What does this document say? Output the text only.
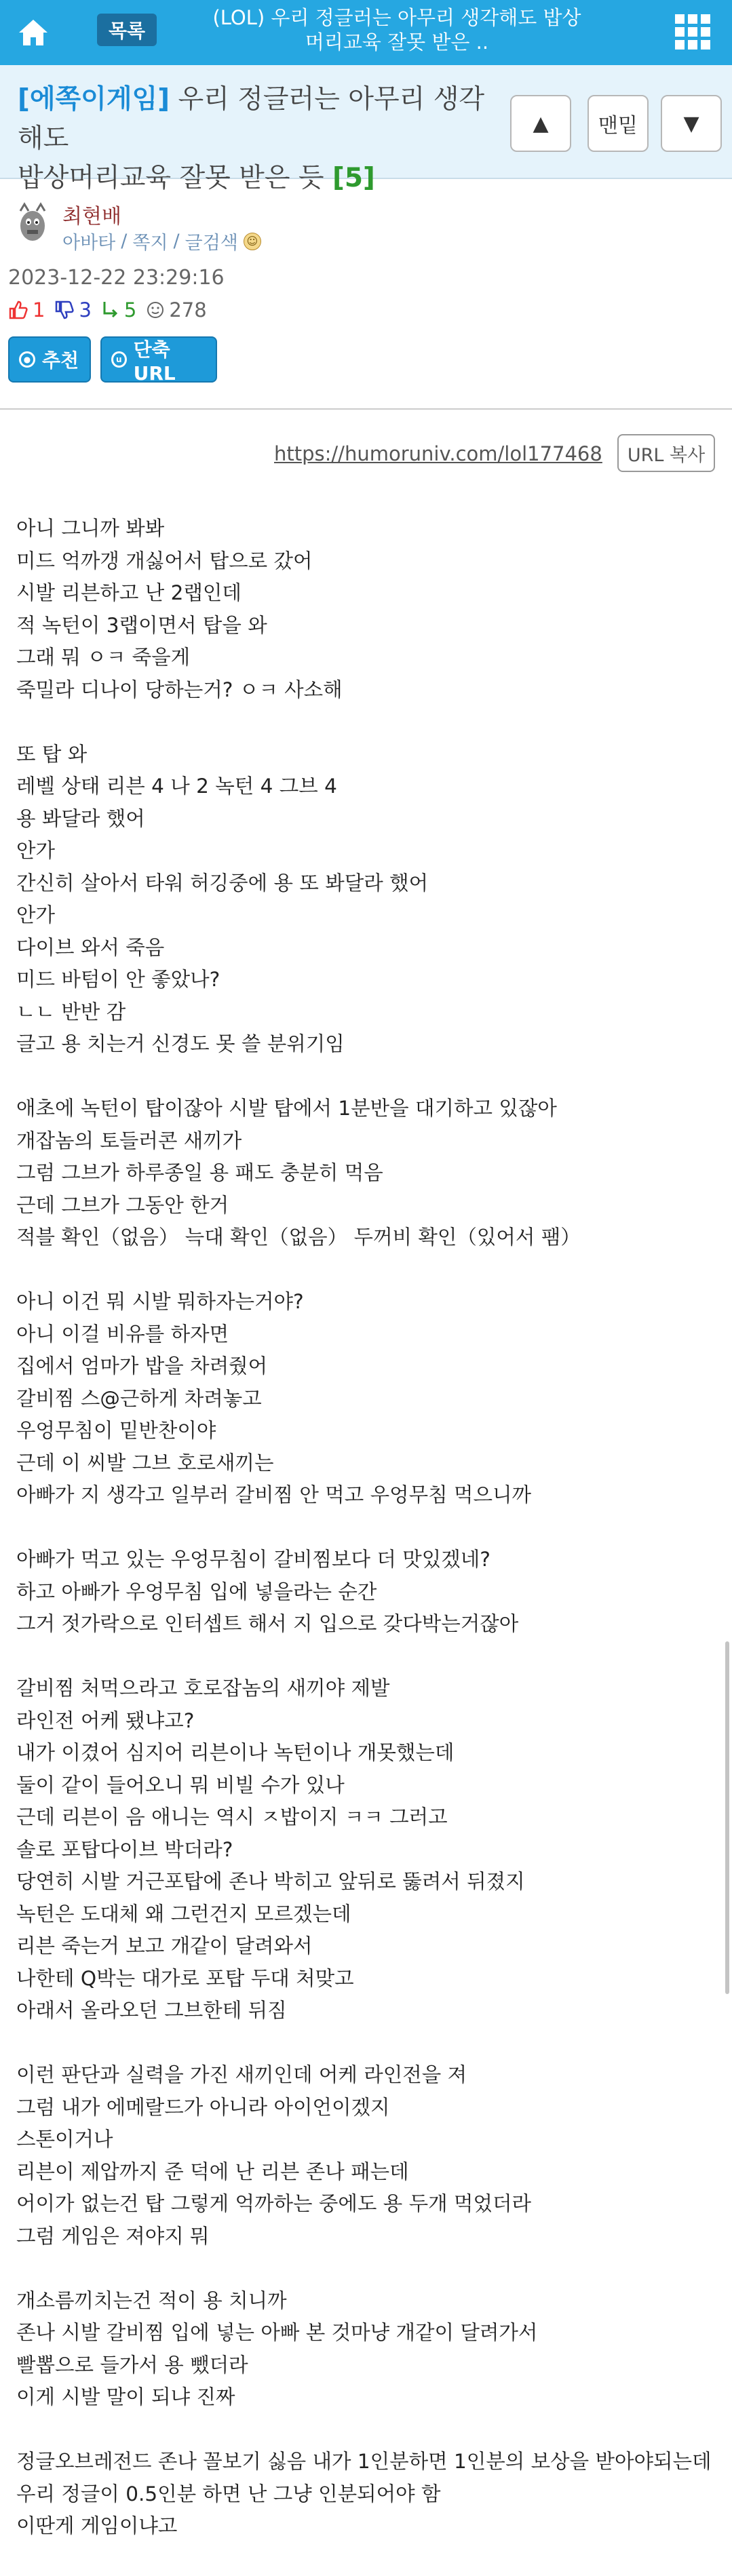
목록
(LOL) 우리 정글러는 아무리 생각해도 밥상
머리교육 잘못 받은 ..
[에쪽이게임] 우리 정글러는 아무리 생각해도
밥상머리교육 잘못 받은 듯 [5]
▲	맨밑	▼
최현배
아바타 / 쪽지 / 글검색 ☺
2023-12-22 23:29:16
1 3 5 278
● 추천	u 단축URL
https://humoruniv.com/lol177468	URL 복사
아니 그니까 봐봐
미드 억까갱 개싫어서 탑으로 갔어
시발 리븐하고 난 2랩인데
적 녹턴이 3랩이면서 탑을 와
그래 뭐 ㅇㅋ 죽을게
죽밀라 디나이 당하는거? ㅇㅋ 사소해
또 탑 와
레벨 상태 리븐 4 나 2 녹턴 4 그브 4
용 봐달라 했어
안가
간신히 살아서 타워 허깅중에 용 또 봐달라 했어
안가
다이브 와서 죽음
미드 바텀이 안 좋았나?
ㄴㄴ 반반 감
글고 용 치는거 신경도 못 쓸 분위기임
애초에 녹턴이 탑이잖아 시발 탑에서 1분반을 대기하고 있잖아
개잡놈의 토들러콘 새끼가
그럼 그브가 하루종일 용 패도 충분히 먹음
근데 그브가 그동안 한거
적블 확인（없음） 늑대 확인（없음） 두꺼비 확인（있어서 팸）
아니 이건 뭐 시발 뭐하자는거야?
아니 이걸 비유를 하자면
집에서 엄마가 밥을 차려줬어
갈비찜 스@근하게 차려놓고
우엉무침이 밑반찬이야
근데 이 씨발 그브 호로새끼는
아빠가 지 생각고 일부러 갈비찜 안 먹고 우엉무침 먹으니까
아빠가 먹고 있는 우엉무침이 갈비찜보다 더 맛있겠네?
하고 아빠가 우엉무침 입에 넣을라는 순간
그거 젓가락으로 인터셉트 해서 지 입으로 갖다박는거잖아
갈비찜 처먹으라고 호로잡놈의 새끼야 제발
라인전 어케 됐냐고?
내가 이겼어 심지어 리븐이나 녹턴이나 개못했는데
둘이 같이 들어오니 뭐 비빌 수가 있나
근데 리븐이 음 애니는 역시 ㅈ밥이지 ㅋㅋ 그러고
솔로 포탑다이브 박더라?
당연히 시발 거근포탑에 존나 박히고 앞뒤로 뚫려서 뒤졌지
녹턴은 도대체 왜 그런건지 모르겠는데
리븐 죽는거 보고 개같이 달려와서
나한테 Q박는 대가로 포탑 두대 처맞고
아래서 올라오던 그브한테 뒤짐
이런 판단과 실력을 가진 새끼인데 어케 라인전을 져
그럼 내가 에메랄드가 아니라 아이언이겠지
스톤이거나
리븐이 제압까지 준 덕에 난 리븐 존나 패는데
어이가 없는건 탑 그렇게 억까하는 중에도 용 두개 먹었더라
그럼 게임은 져야지 뭐
개소름끼치는건 적이 용 치니까
존나 시발 갈비찜 입에 넣는 아빠 본 것마냥 개같이 달려가서
빨뽑으로 들가서 용 뺐더라
이게 시발 말이 되냐 진짜
정글오브레전드 존나 꼴보기 싫음 내가 1인분하면 1인분의 보상을 받아야되는데
우리 정글이 0.5인분 하면 난 그냥 인분되어야 함
이딴게 게임이냐고
